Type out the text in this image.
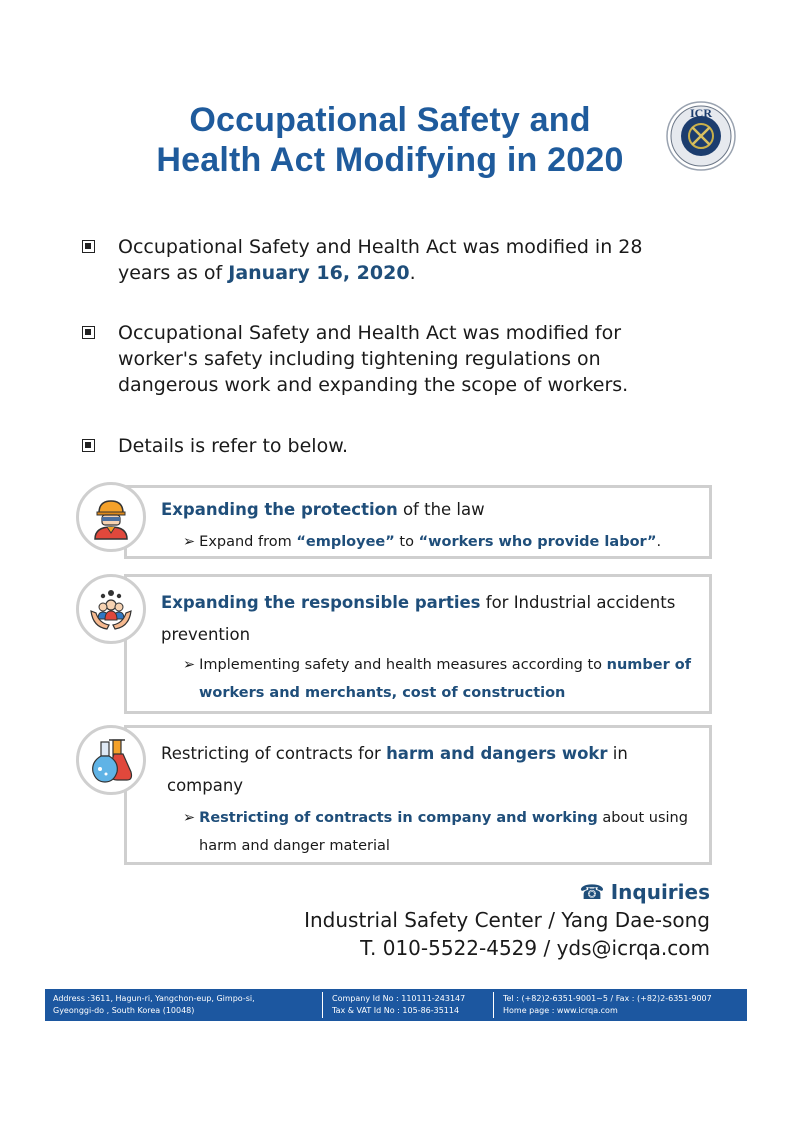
Occupational Safety and
Health Act Modifying in 2020
ICR
Occupational Safety and Health Act was modified in 28 years as of January 16, 2020.
Occupational Safety and Health Act was modified for worker's safety including tightening regulations on dangerous work and expanding the scope of workers.
Details is refer to below.
Expanding the protection of the law
➢ Expand from “employee” to “workers who provide labor”.
Expanding the responsible parties for Industrial accidents
prevention
➢ Implementing safety and health measures according to number of
workers and merchants, cost of construction
Restricting of contracts for harm and dangers wokr in
company
➢ Restricting of contracts in company and working about using
harm and danger material
☎ Inquiries
Industrial Safety Center / Yang Dae-song
T. 010-5522-4529 / yds@icrqa.com
Address :3611, Hagun-ri, Yangchon-eup, Gimpo-si,
Gyeonggi-do , South Korea (10048)
Company Id No : 110111-243147
Tax & VAT Id No : 105-86-35114
Tel : (+82)2-6351-9001~5 / Fax : (+82)2-6351-9007
Home page : www.icrqa.com
